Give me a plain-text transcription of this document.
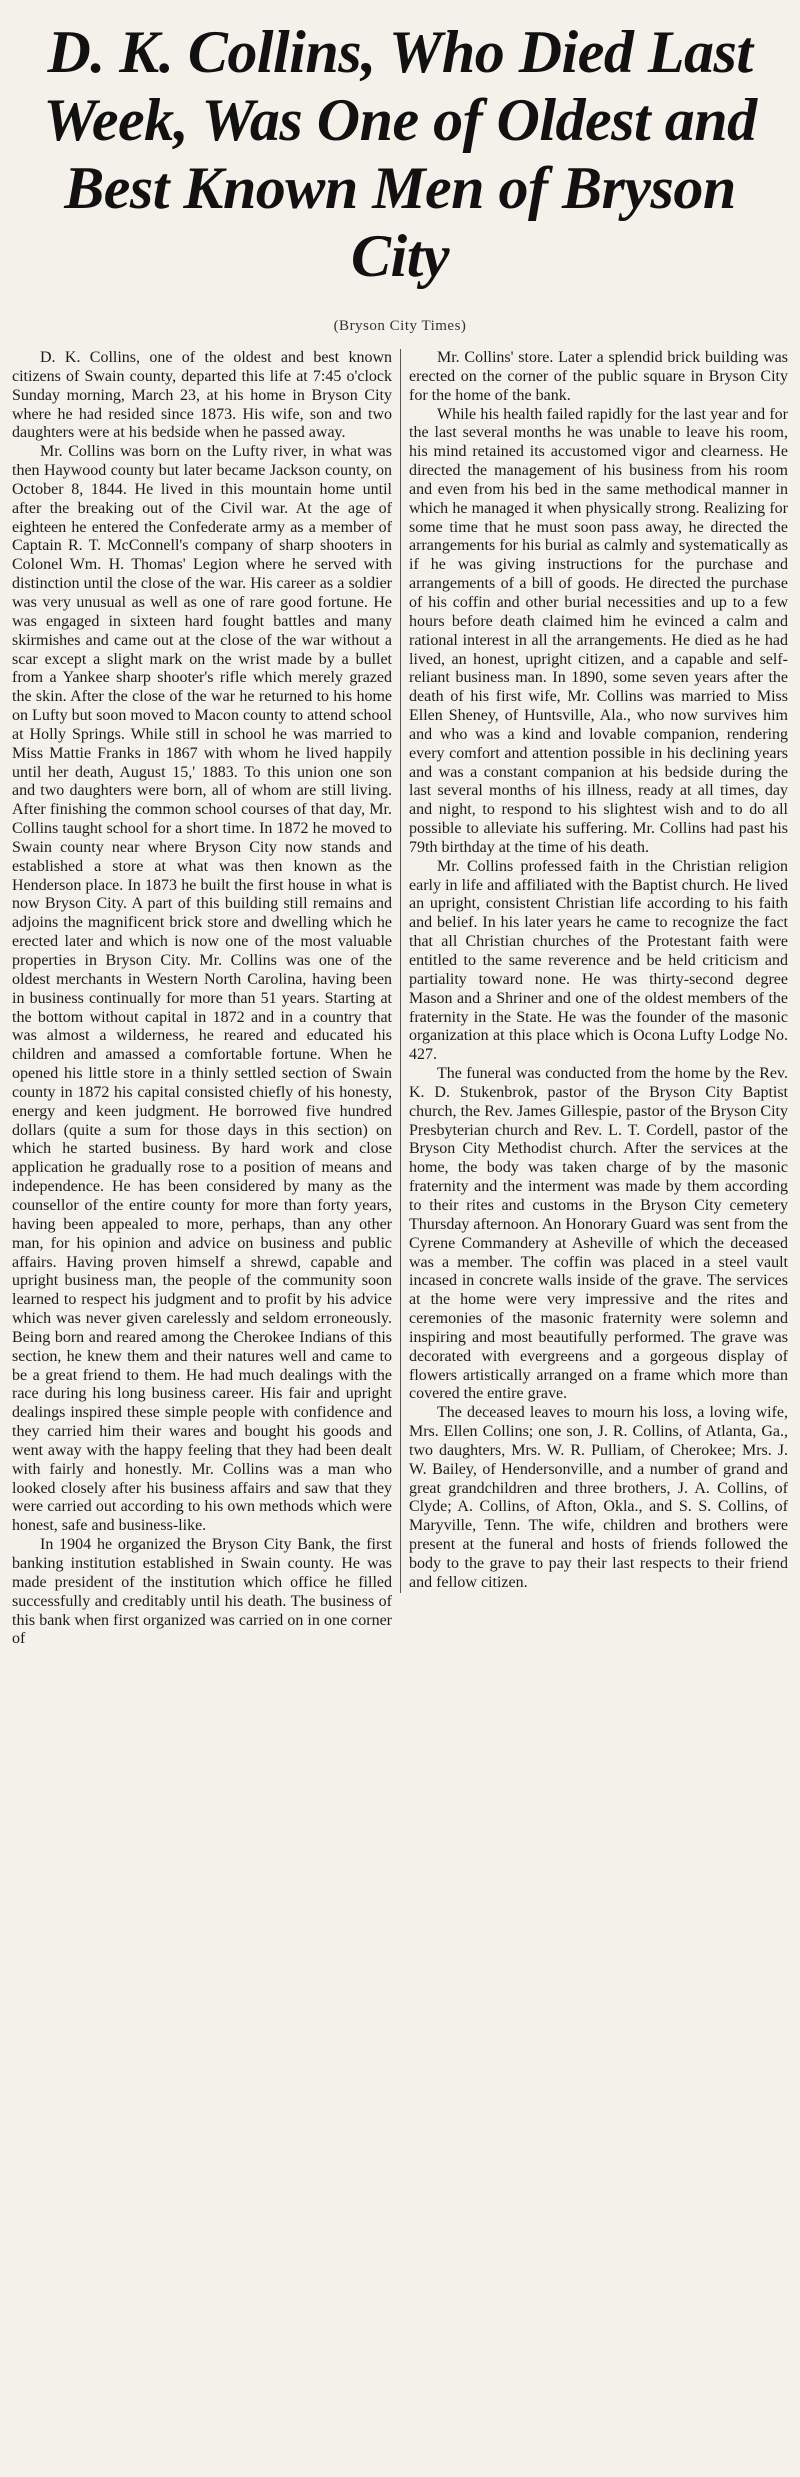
D. K. Collins, Who Died Last Week, Was One of Oldest and Best Known Men of Bryson City
(Bryson City Times)

D. K. Collins, one of the oldest and best known citizens of Swain county, departed this life at 7:45 o'clock Sunday morning, March 23, at his home in Bryson City where he had resided since 1873. His wife, son and two daughters were at his bedside when he passed away.

Mr. Collins was born on the Lufty river, in what was then Haywood county but later became Jackson county, on October 8, 1844. He lived in this mountain home until after the breaking out of the Civil war. At the age of eighteen he entered the Confederate army as a member of Captain R. T. McConnell's company of sharp shooters in Colonel Wm. H. Thomas' Legion where he served with distinction until the close of the war. His career as a soldier was very unusual as well as one of rare good fortune. He was engaged in sixteen hard fought battles and many skirmishes and came out at the close of the war without a scar except a slight mark on the wrist made by a bullet from a Yankee sharp shooter's rifle which merely grazed the skin. After the close of the war he returned to his home on Lufty but soon moved to Macon county to attend school at Holly Springs. While still in school he was married to Miss Mattie Franks in 1867 with whom he lived happily until her death, August 15,' 1883. To this union one son and two daughters were born, all of whom are still living. After finishing the common school courses of that day, Mr. Collins taught school for a short time. In 1872 he moved to Swain county near where Bryson City now stands and established a store at what was then known as the Henderson place. In 1873 he built the first house in what is now Bryson City. A part of this building still remains and adjoins the magnificent brick store and dwelling which he erected later and which is now one of the most valuable properties in Bryson City. Mr. Collins was one of the oldest merchants in Western North Carolina, having been in business continually for more than 51 years. Starting at the bottom without capital in 1872 and in a country that was almost a wilderness, he reared and educated his children and amassed a comfortable fortune. When he opened his little store in a thinly settled section of Swain county in 1872 his capital consisted chiefly of his honesty, energy and keen judgment. He borrowed five hundred dollars (quite a sum for those days in this section) on which he started business. By hard work and close application he gradually rose to a position of means and independence. He has been considered by many as the counsellor of the entire county for more than forty years, having been appealed to more, perhaps, than any other man, for his opinion and advice on business and public affairs. Having proven himself a shrewd, capable and upright business man, the people of the community soon learned to respect his judgment and to profit by his advice which was never given carelessly and seldom erroneously. Being born and reared among the Cherokee Indians of this section, he knew them and their natures well and came to be a great friend to them. He had much dealings with the race during his long business career. His fair and upright dealings inspired these simple people with confidence and they carried him their wares and bought his goods and went away with the happy feeling that they had been dealt with fairly and honestly. Mr. Collins was a man who looked closely after his business affairs and saw that they were carried out according to his own methods which were honest, safe and business-like.

In 1904 he organized the Bryson City Bank, the first banking institution established in Swain county. He was made president of the institution which office he filled successfully and creditably until his death. The business of this bank when first organized was carried on in one corner of

Mr. Collins' store. Later a splendid brick building was erected on the corner of the public square in Bryson City for the home of the bank.

While his health failed rapidly for the last year and for the last several months he was unable to leave his room, his mind retained its accustomed vigor and clearness. He directed the management of his business from his room and even from his bed in the same methodical manner in which he managed it when physically strong. Realizing for some time that he must soon pass away, he directed the arrangements for his burial as calmly and systematically as if he was giving instructions for the purchase and arrangements of a bill of goods. He directed the purchase of his coffin and other burial necessities and up to a few hours before death claimed him he evinced a calm and rational interest in all the arrangements. He died as he had lived, an honest, upright citizen, and a capable and self-reliant business man. In 1890, some seven years after the death of his first wife, Mr. Collins was married to Miss Ellen Sheney, of Huntsville, Ala., who now survives him and who was a kind and lovable companion, rendering every comfort and attention possible in his declining years and was a constant companion at his bedside during the last several months of his illness, ready at all times, day and night, to respond to his slightest wish and to do all possible to alleviate his suffering. Mr. Collins had past his 79th birthday at the time of his death.

Mr. Collins professed faith in the Christian religion early in life and affiliated with the Baptist church. He lived an upright, consistent Christian life according to his faith and belief. In his later years he came to recognize the fact that all Christian churches of the Protestant faith were entitled to the same reverence and be held criticism and partiality toward none. He was thirty-second degree Mason and a Shriner and one of the oldest members of the fraternity in the State. He was the founder of the masonic organization at this place which is Ocona Lufty Lodge No. 427.

The funeral was conducted from the home by the Rev. K. D. Stukenbrok, pastor of the Bryson City Baptist church, the Rev. James Gillespie, pastor of the Bryson City Presbyterian church and Rev. L. T. Cordell, pastor of the Bryson City Methodist church. After the services at the home, the body was taken charge of by the masonic fraternity and the interment was made by them according to their rites and customs in the Bryson City cemetery Thursday afternoon. An Honorary Guard was sent from the Cyrene Commandery at Asheville of which the deceased was a member. The coffin was placed in a steel vault incased in concrete walls inside of the grave. The services at the home were very impressive and the rites and ceremonies of the masonic fraternity were solemn and inspiring and most beautifully performed. The grave was decorated with evergreens and a gorgeous display of flowers artistically arranged on a frame which more than covered the entire grave.

The deceased leaves to mourn his loss, a loving wife, Mrs. Ellen Collins; one son, J. R. Collins, of Atlanta, Ga., two daughters, Mrs. W. R. Pulliam, of Cherokee; Mrs. J. W. Bailey, of Hendersonville, and a number of grand and great grandchildren and three brothers, J. A. Collins, of Clyde; A. Collins, of Afton, Okla., and S. S. Collins, of Maryville, Tenn. The wife, children and brothers were present at the funeral and hosts of friends followed the body to the grave to pay their last respects to their friend and fellow citizen.
